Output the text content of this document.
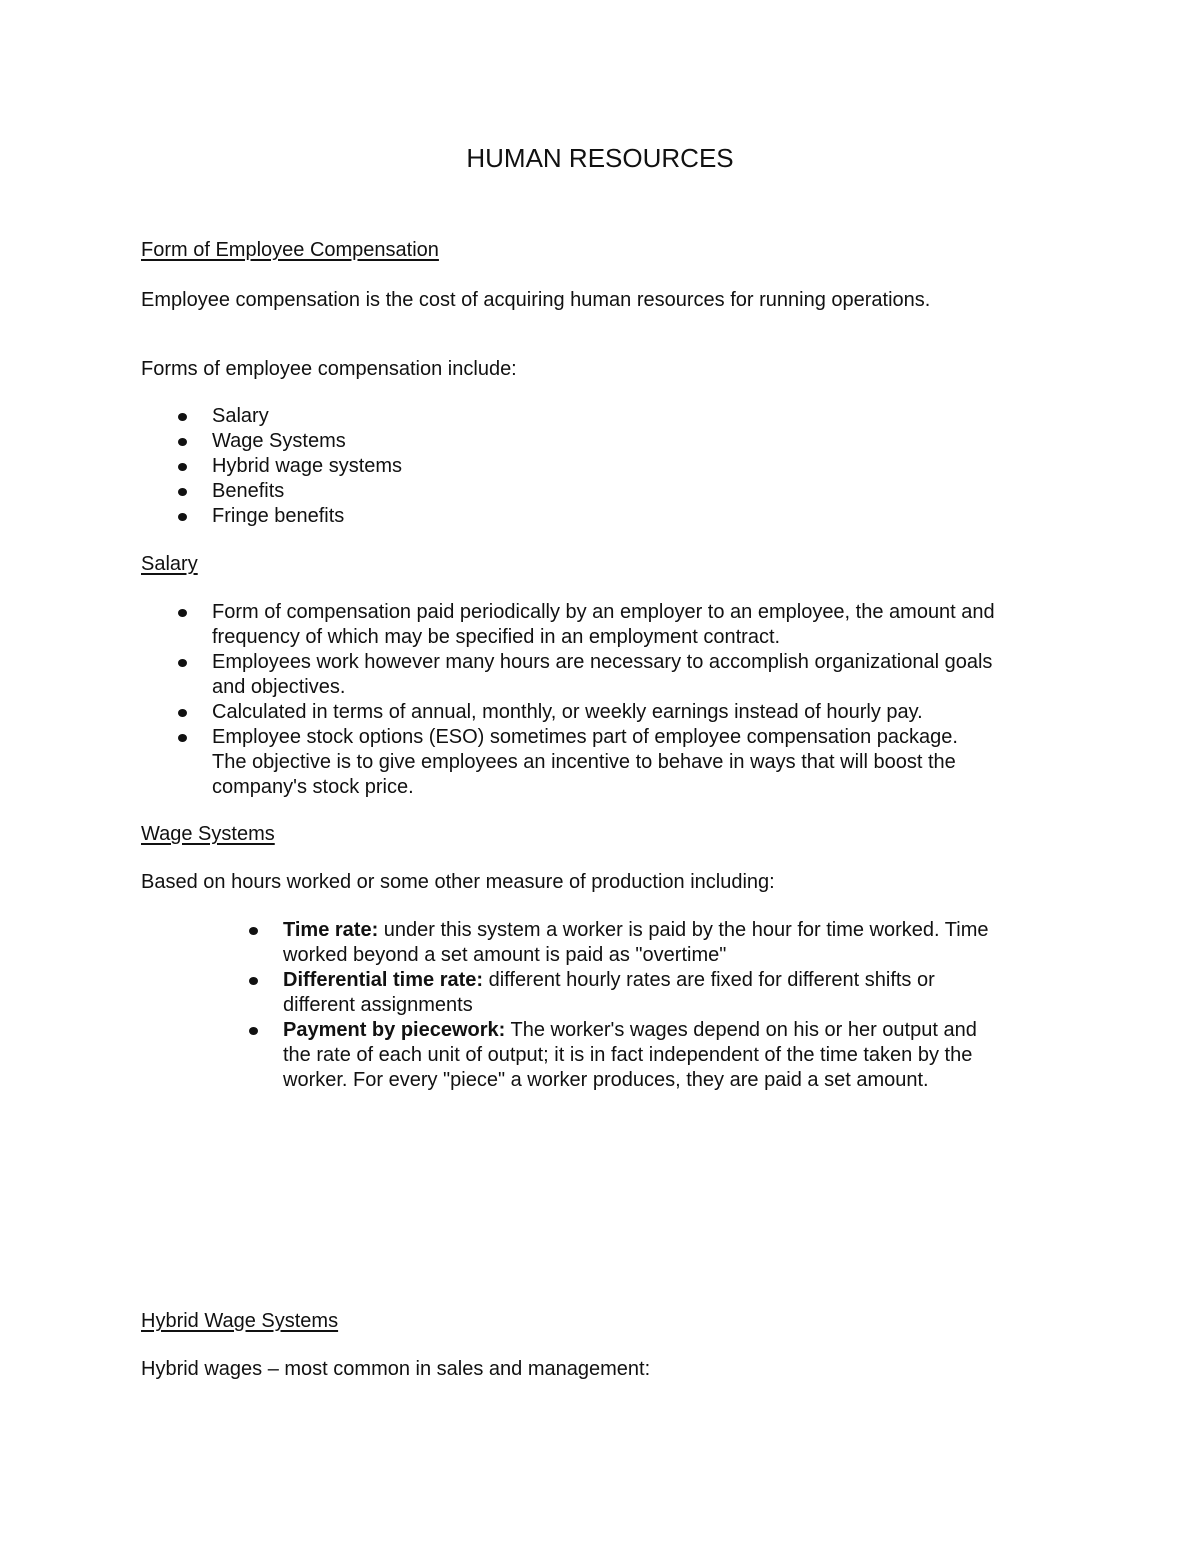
HUMAN RESOURCES
Form of Employee Compensation
Employee compensation is the cost of acquiring human resources for running operations.
Forms of employee compensation include:
Salary
Wage Systems
Hybrid wage systems
Benefits
Fringe benefits
Salary
Form of compensation paid periodically by an employer to an employee, the amount and
frequency of which may be specified in an employment contract.
Employees work however many hours are necessary to accomplish organizational goals
and objectives.
Calculated in terms of annual, monthly, or weekly earnings instead of hourly pay.
Employee stock options (ESO) sometimes part of employee compensation package.
The objective is to give employees an incentive to behave in ways that will boost the
company's stock price.
Wage Systems
Based on hours worked or some other measure of production including:
Time rate: under this system a worker is paid by the hour for time worked. Time
worked beyond a set amount is paid as "overtime"
Differential time rate: different hourly rates are fixed for different shifts or
different assignments
Payment by piecework: The worker's wages depend on his or her output and
the rate of each unit of output; it is in fact independent of the time taken by the
worker. For every "piece" a worker produces, they are paid a set amount.
Hybrid Wage Systems
Hybrid wages – most common in sales and management:
